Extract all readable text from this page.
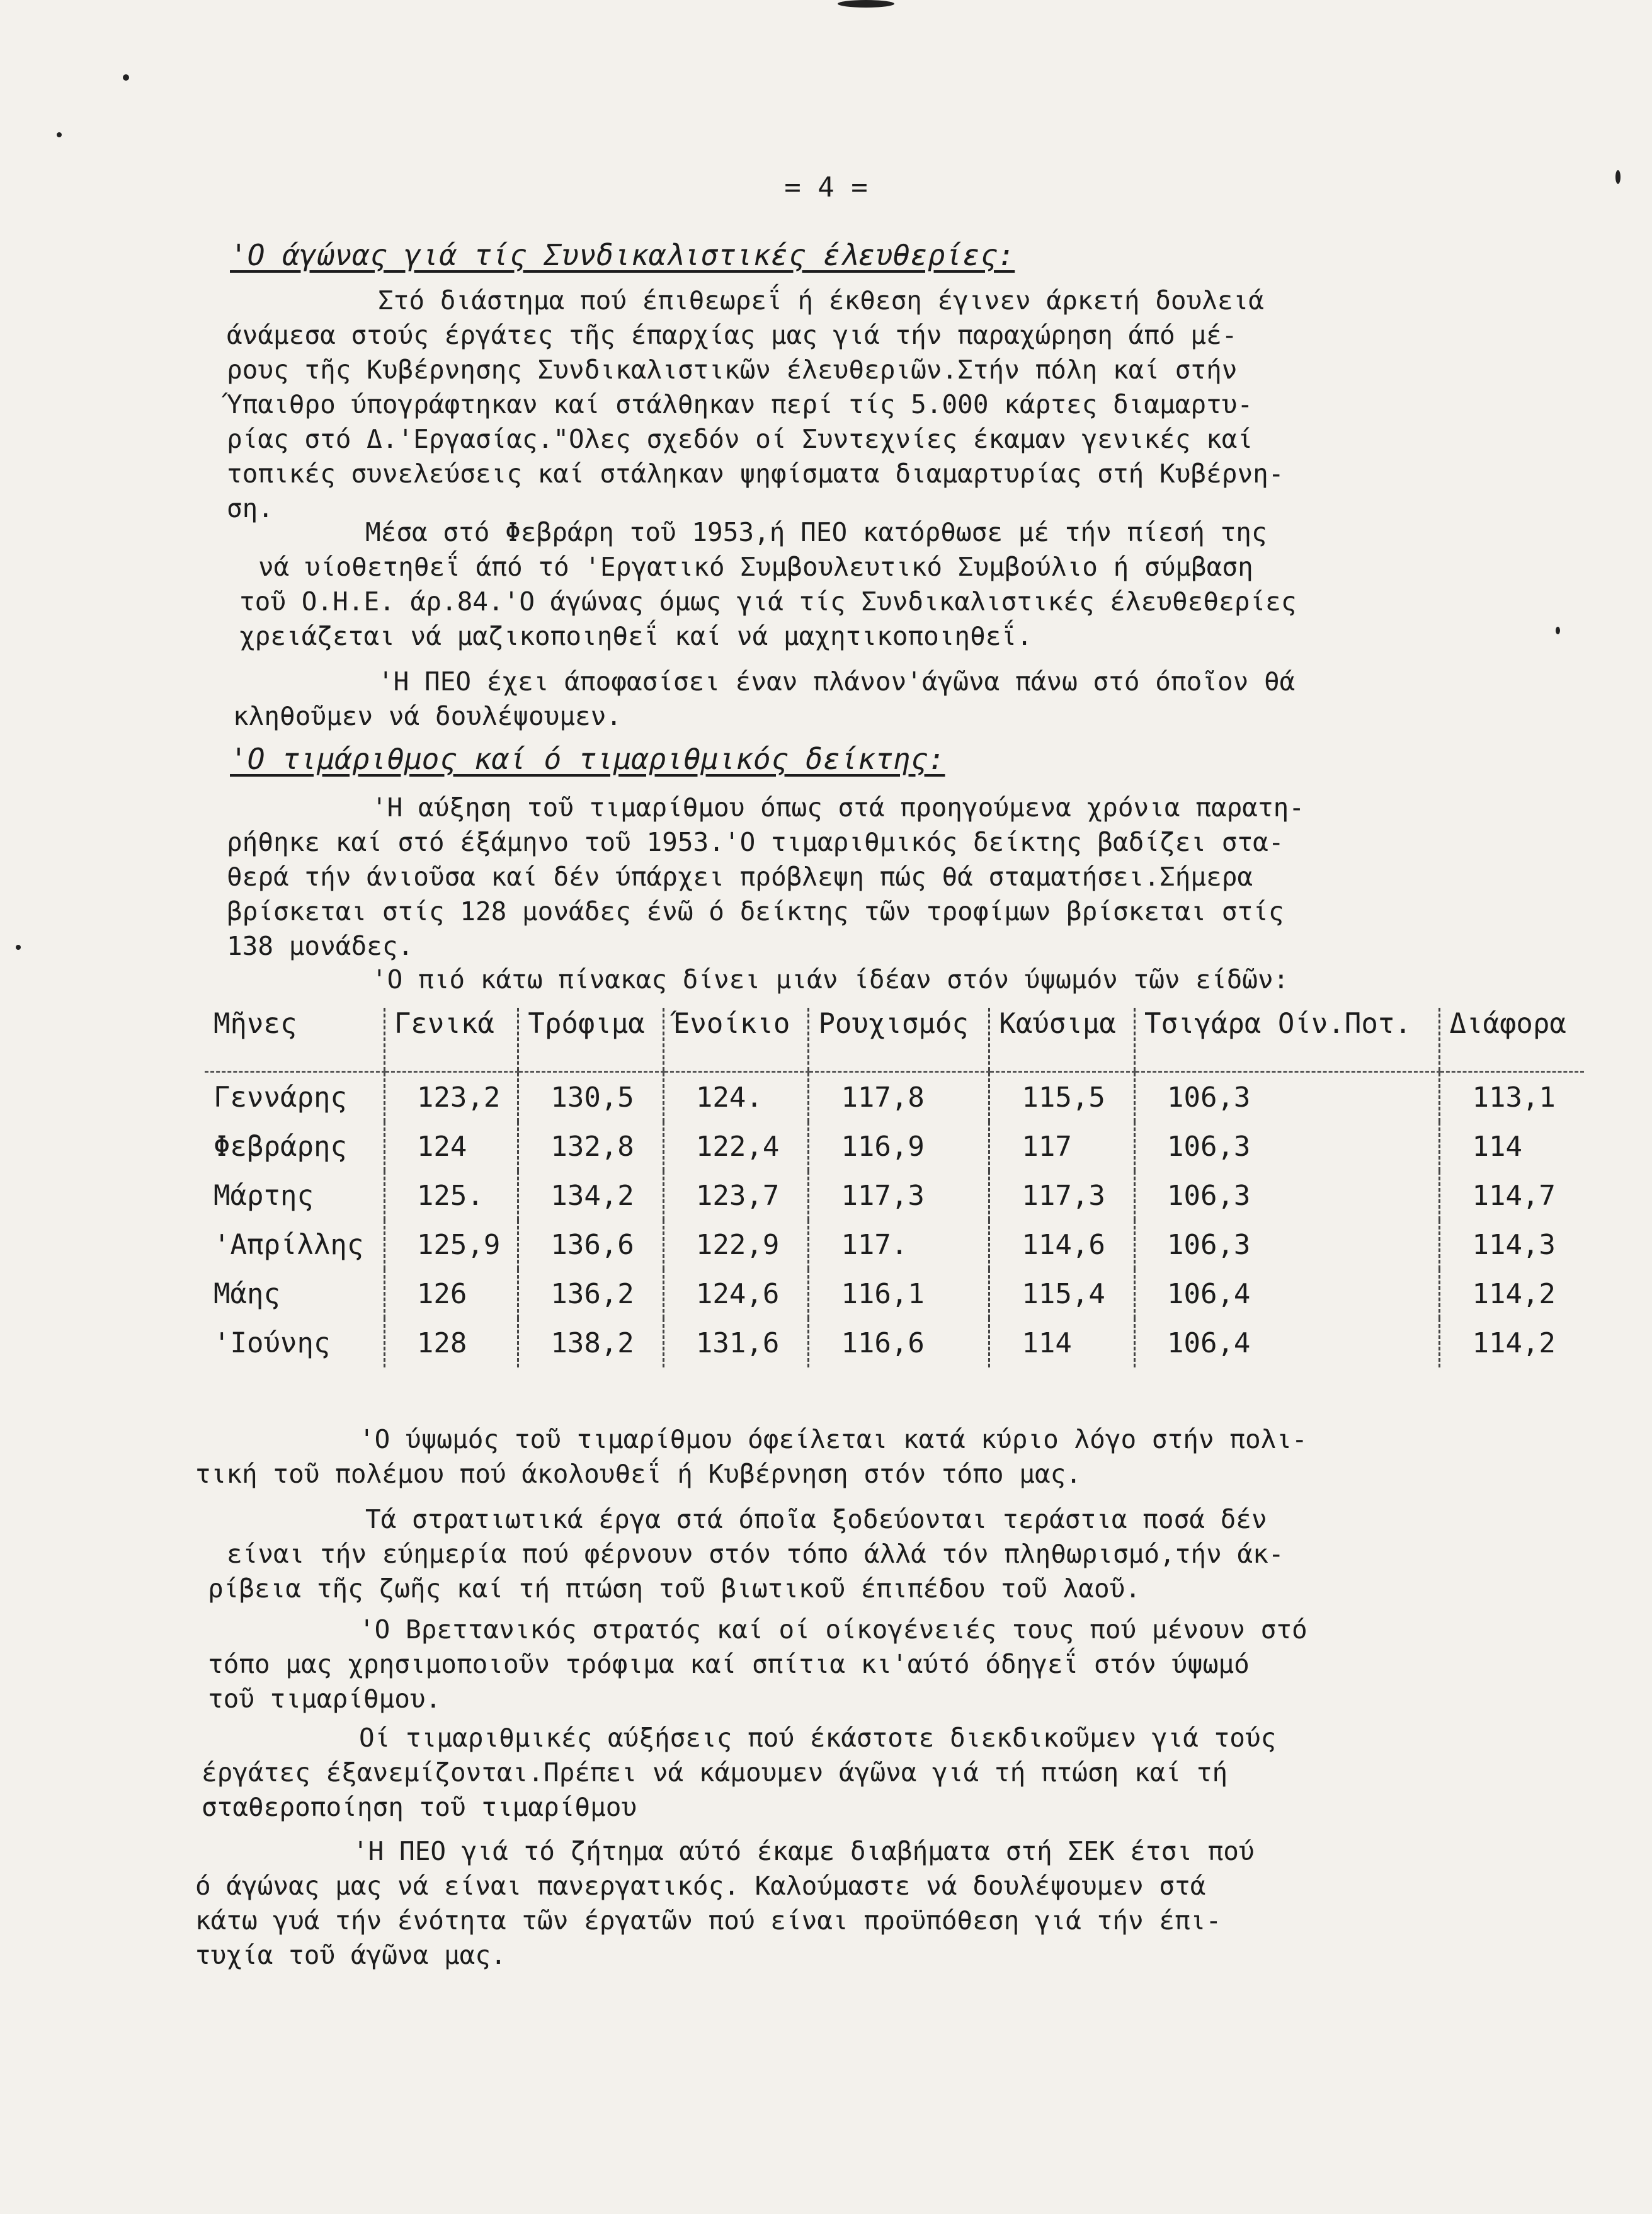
= 4 =
'Ο άγώνας γιά τίς Συνδικαλιστικές έλευθερίες:
Στό διάστημα πού έπιθεωρεΐ ή έκθεση έγινεν άρκετή δουλειά
άνάμεσα στούς έργάτες τῆς έπαρχίας μας γιά τήν παραχώρηση άπό μέ-
ρους τῆς Κυβέρνησης Συνδικαλιστικῶν έλευθεριῶν.Στήν πόλη καί στήν
Ύπαιθρο ύπογράφτηκαν καί στάλθηκαν περί τίς 5.000 κάρτες διαμαρτυ-
ρίας στό Δ.'Εργασίας."Ολες σχεδόν οί Συντεχνίες έκαμαν γενικές καί
τοπικές συνελεύσεις καί στάληκαν ψηφίσματα διαμαρτυρίας στή Κυβέρνη-
ση.
Μέσα στό Φεβράρη τοῦ 1953,ή ΠΕΟ κατόρθωσε μέ τήν πίεσή της
νά υίοθετηθεΐ άπό τό 'Εργατικό Συμβουλευτικό Συμβούλιο ή σύμβαση
τοῦ Ο.Η.Ε. άρ.84.'Ο άγώνας όμως γιά τίς Συνδικαλιστικές έλευθεθερίες
χρειάζεται νά μαζικοποιηθεΐ καί νά μαχητικοποιηθεΐ.
'Η ΠΕΟ έχει άποφασίσει έναν πλάνον'άγῶνα πάνω στό όποῖον θά
κληθοῦμεν νά δουλέψουμεν.
'Ο τιμάριθμος καί ό τιμαριθμικός δείκτης:
'Η αύξηση τοῦ τιμαρίθμου όπως στά προηγούμενα χρόνια παρατη-
ρήθηκε καί στό έξάμηνο τοῦ 1953.'Ο τιμαριθμικός δείκτης βαδίζει στα-
θερά τήν άνιοῦσα καί δέν ύπάρχει πρόβλεψη πώς θά σταματήσει.Σήμερα
βρίσκεται στίς 128 μονάδες ένῶ ό δείκτης τῶν τροφίμων βρίσκεται στίς
138 μονάδες.
'Ο πιό κάτω πίνακας δίνει μιάν ίδέαν στόν ύψωμόν τῶν είδῶν:
Μῆνες	Γενικά	Τρόφιμα	Ένοίκιο	Ρουχισμός	Καύσιμα	Τσιγάρα Οίν.Ποτ.	Διάφορα
Γεννάρης	123,2	130,5	124.	117,8	115,5	106,3	113,1
Φεβράρης	124	132,8	122,4	116,9	117	106,3	114
Μάρτης	125.	134,2	123,7	117,3	117,3	106,3	114,7
'Απρίλλης	125,9	136,6	122,9	117.	114,6	106,3	114,3
Μάης	126	136,2	124,6	116,1	115,4	106,4	114,2
'Ιούνης	128	138,2	131,6	116,6	114	106,4	114,2
'Ο ύψωμός τοῦ τιμαρίθμου όφείλεται κατά κύριο λόγο στήν πολι-
τική τοῦ πολέμου πού άκολουθεΐ ή Κυβέρνηση στόν τόπο μας.
Τά στρατιωτικά έργα στά όποῖα ξοδεύονται τεράστια ποσά δέν
είναι τήν εύημερία πού φέρνουν στόν τόπο άλλά τόν πληθωρισμό,τήν άκ-
ρίβεια τῆς ζωῆς καί τή πτώση τοῦ βιωτικοῦ έπιπέδου τοῦ λαοῦ.
'Ο Βρεττανικός στρατός καί οί οίκογένειές τους πού μένουν στό
τόπο μας χρησιμοποιοῦν τρόφιμα καί σπίτια κι'αύτό όδηγεΐ στόν ύψωμό
τοῦ τιμαρίθμου.
Οί τιμαριθμικές αύξήσεις πού έκάστοτε διεκδικοῦμεν γιά τούς
έργάτες έξανεμίζονται.Πρέπει νά κάμουμεν άγῶνα γιά τή πτώση καί τή
σταθεροποίηση τοῦ τιμαρίθμου
'Η ΠΕΟ γιά τό ζήτημα αύτό έκαμε διαβήματα στή ΣΕΚ έτσι πού
ό άγώνας μας νά είναι πανεργατικός. Καλούμαστε νά δουλέψουμεν στά
κάτω γυά τήν ένότητα τῶν έργατῶν πού είναι προϋπόθεση γιά τήν έπι-
τυχία τοῦ άγῶνα μας.
